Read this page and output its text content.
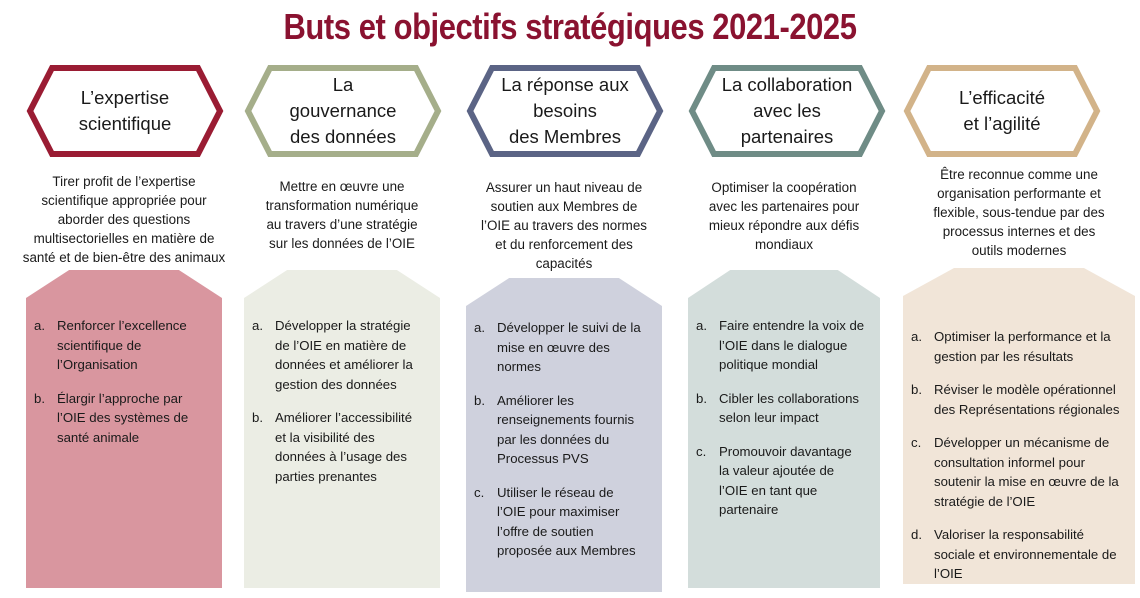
Buts et objectifs stratégiques 2021-2025
L’expertise
scientifique
Tirer profit de l’expertise
scientifique appropriée pour
aborder des questions
multisectorielles en matière de
santé et de bien-être des animaux
a. Renforcer l’excellence
scientifique de
l’Organisation
b. Élargir l’approche par
l’OIE des systèmes de
santé animale
La
gouvernance
des données
Mettre en œuvre une
transformation numérique
au travers d’une stratégie
sur les données de l’OIE
a. Développer la stratégie
de l’OIE en matière de
données et améliorer la
gestion des données
b. Améliorer l’accessibilité
et la visibilité des
données à l’usage des
parties prenantes
La réponse aux
besoins
des Membres
Assurer un haut niveau de
soutien aux Membres de
l’OIE au travers des normes
et du renforcement des
capacités
a. Développer le suivi de la
mise en œuvre des
normes
b. Améliorer les
renseignements fournis
par les données du
Processus PVS
c. Utiliser le réseau de
l’OIE pour maximiser
l’offre de soutien
proposée aux Membres
La collaboration
avec les
partenaires
Optimiser la coopération
avec les partenaires pour
mieux répondre aux défis
mondiaux
a. Faire entendre la voix de
l’OIE dans le dialogue
politique mondial
b. Cibler les collaborations
selon leur impact
c. Promouvoir davantage
la valeur ajoutée de
l’OIE en tant que
partenaire
L’efficacité
et l’agilité
Être reconnue comme une
organisation performante et
flexible, sous-tendue par des
processus internes et des
outils modernes
a. Optimiser la performance et la
gestion par les résultats
b. Réviser le modèle opérationnel
des Représentations régionales
c. Développer un mécanisme de
consultation informel pour
soutenir la mise en œuvre de la
stratégie de l’OIE
d. Valoriser la responsabilité
sociale et environnementale de
l’OIE
